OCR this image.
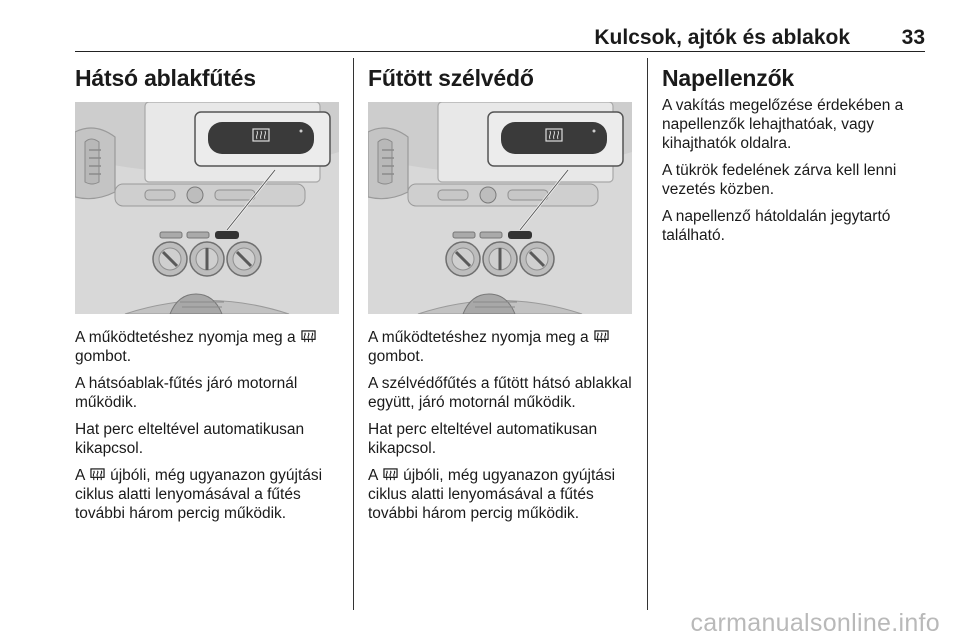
Kulcsok, ajtók és ablakok 33
Hátsó ablakfűtés

A működtetéshez nyomja meg a  gombot.

A hátsóablak-fűtés járó motornál működik.

Hat perc elteltével automatikusan kikapcsol.

A újbóli, még ugyanazon gyújtási ciklus alatti lenyomásával a fűtés további három percig működik.

Fűtött szélvédő

A működtetéshez nyomja meg a  gombot.

A szélvédőfűtés a fűtött hátsó ablakkal együtt, járó motornál működik.

Hat perc elteltével automatikusan kikapcsol.

A újbóli, még ugyanazon gyújtási ciklus alatti lenyomásával a fűtés további három percig működik.

Napellenzők

A vakítás megelőzése érdekében a napellenzők lehajthatóak, vagy kihajthatók oldalra.

A tükrök fedelének zárva kell lenni vezetés közben.

A napellenző hátoldalán jegytartó található.

carmanualsonline.info
